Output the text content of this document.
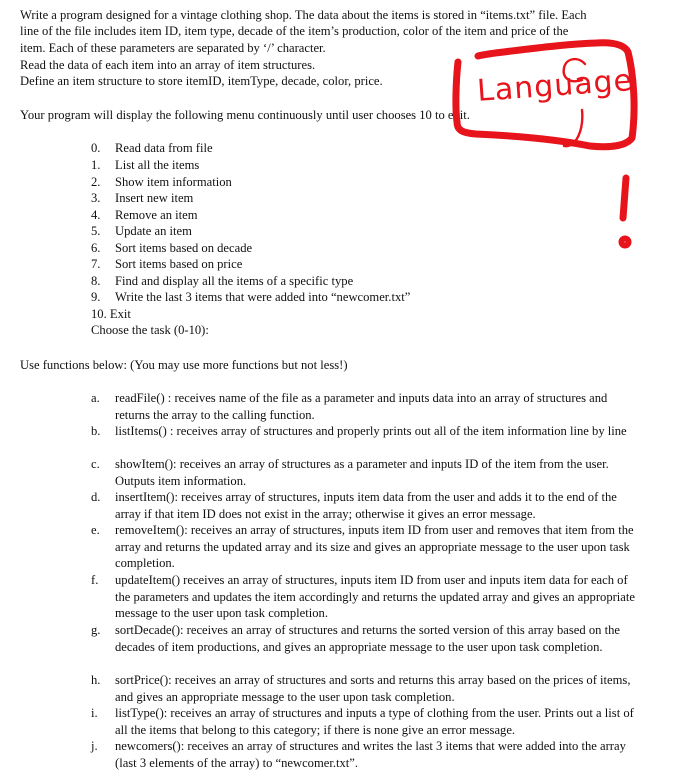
Write a program designed for a vintage clothing shop. The data about the items is stored in “items.txt” file. Each
line of the file includes item ID, item type, decade of the item’s production, color of the item and price of the
item. Each of these parameters are separated by ‘/’ character.
Read the data of each item into an array of item structures.
Define an item structure to store itemID, itemType, decade, color, price.
Your program will display the following menu continuously until user chooses 10 to exit.
0.	Read data from file
1.	List all the items
2.	Show item information
3.	Insert new item
4.	Remove an item
5.	Update an item
6.	Sort items based on decade
7.	Sort items based on price
8.	Find and display all the items of a specific type
9.	Write the last 3 items that were added into “newcomer.txt”
10. Exit
Choose the task (0-10):
Use functions below: (You may use more functions but not less!)
a.	readFile() : receives name of the file as a parameter and inputs data into an array of structures and returns the array to the calling function.
b.	listItems() : receives array of structures and properly prints out all of the item information line by line
c.	showItem(): receives an array of structures as a parameter and inputs ID of the item from the user. Outputs item information.
d.	insertItem(): receives array of structures, inputs item data from the user and adds it to the end of the array if that item ID does not exist in the array; otherwise it gives an error message.
e.	removeItem(): receives an array of structures, inputs item ID from user and removes that item from the array and returns the updated array and its size and gives an appropriate message to the user upon task completion.
f.	updateItem() receives an array of structures, inputs item ID from user and inputs item data for each of the parameters and updates the item accordingly and returns the updated array and gives an appropriate message to the user upon task completion.
g.	sortDecade(): receives an array of structures and returns the sorted version of this array based on the decades of item productions, and gives an appropriate message to the user upon task completion.
h.	sortPrice(): receives an array of structures and sorts and returns this array based on the prices of items, and gives an appropriate message to the user upon task completion.
i.	listType(): receives an array of structures and inputs a type of clothing from the user. Prints out a list of all the items that belong to this category; if there is none give an error message.
j.	newcomers(): receives an array of structures and writes the last 3 items that were added into the array (last 3 elements of the array) to “newcomer.txt”.
Language
